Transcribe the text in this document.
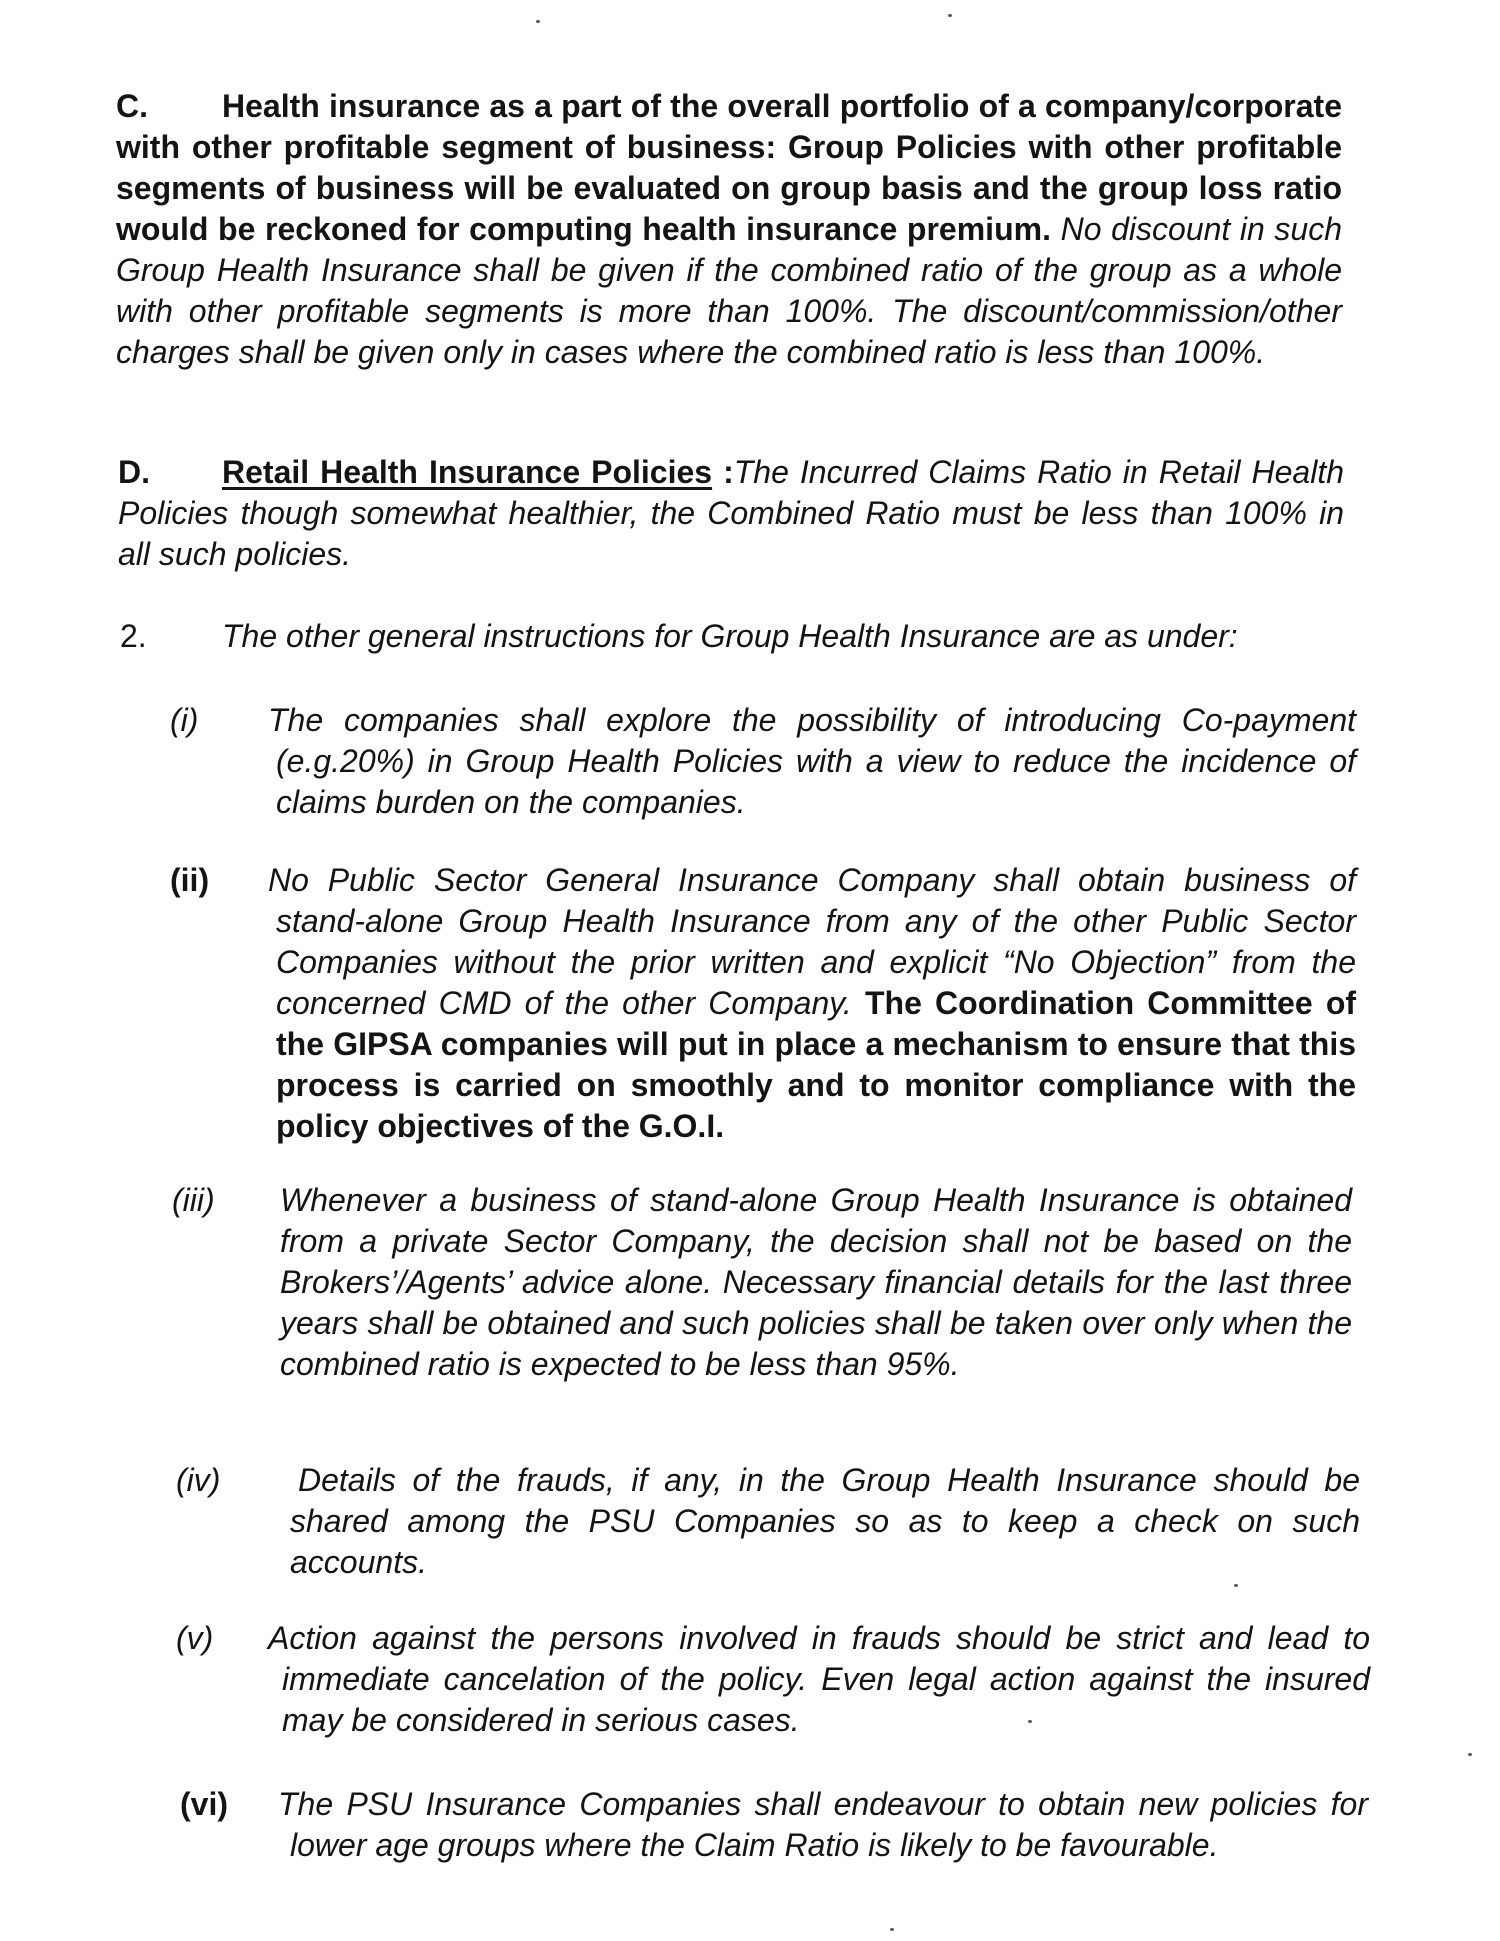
C.	Health insurance as a part of the overall portfolio of a company/corporate with other profitable segment of business: Group Policies with other profitable segments of business will be evaluated on group basis and the group loss ratio would be reckoned for computing health insurance premium. No discount in such Group Health Insurance shall be given if the combined ratio of the group as a whole with other profitable segments is more than 100%. The discount/commission/other charges shall be given only in cases where the combined ratio is less than 100%.

D.	Retail Health Insurance Policies :The Incurred Claims Ratio in Retail Health Policies though somewhat healthier, the Combined Ratio must be less than 100% in all such policies.

2. The other general instructions for Group Health Insurance are as under:

(i) The companies shall explore the possibility of introducing Co-payment (e.g.20%) in Group Health Policies with a view to reduce the incidence of claims burden on the companies.

(ii) No Public Sector General Insurance Company shall obtain business of stand-alone Group Health Insurance from any of the other Public Sector Companies without the prior written and explicit “No Objection” from the concerned CMD of the other Company. The Coordination Committee of the GIPSA companies will put in place a mechanism to ensure that this process is carried on smoothly and to monitor compliance with the policy objectives of the G.O.I.

(iii) Whenever a business of stand-alone Group Health Insurance is obtained from a private Sector Company, the decision shall not be based on the Brokers’/Agents’ advice alone. Necessary financial details for the last three years shall be obtained and such policies shall be taken over only when the combined ratio is expected to be less than 95%.

(iv)	Details of the frauds, if any, in the Group Health Insurance should be shared among the PSU Companies so as to keep a check on such accounts.

(v) Action against the persons involved in frauds should be strict and lead to immediate cancelation of the policy. Even legal action against the insured may be considered in serious cases.

(vi) The PSU Insurance Companies shall endeavour to obtain new policies for lower age groups where the Claim Ratio is likely to be favourable.
